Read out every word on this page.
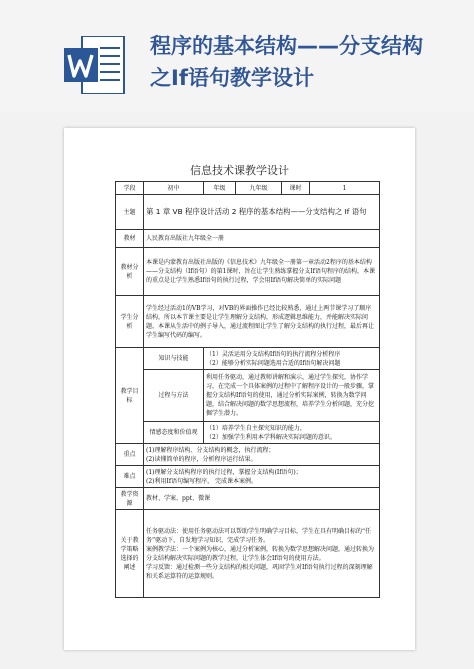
程序的基本结构——分支结构
之If语句教学设计
信息技术课教学设计
学段	初中	年级	九年级	课时	1
主题	第 1 章 VB 程序设计活动 2 程序的基本结构——分支结构之 If 语句				
教材	人民教育出版社九年级全一册				
教材分析	本课是内蒙教育出版社出版的《信息技术》九年级全一册第一章活动2程序的基本结构——分支结构（If语句）的第1课时，旨在让学生熟练掌握分支If语句程序的结构，本课的重点是让学生熟悉If语句的执行过程，学会用If语句解决简单的实际问题				
学生分析	学生经过活动1的VB学习，对VB的界面操作已经比较熟悉，通过上两节课学习了顺序结构，所以本节课主要是让学生理解分支结构，形成逻辑思维能力，并能解决实际问题。本课从生活中的例子导入，通过流程图让学生了解分支结构的执行过程，最后再让学生编写代码的编写。				
教学目标	知识与技能	（1）灵活运用分支结构If语句的执行流程分析程序
（2）能够分析实际问题选用合适的If语句解决问题			
	过程与方法	利用任务驱动，通过教师讲解和演示，通过学生探究，协作学习，在完成一个具体案例的过程中了解程序设计的一般步骤，掌握分支结构If语句的使用，通过分析实际案例，转换为数学问题，结合解决问题的数学思想流程，培养学生分析问题，充分挖掘学生潜力。			
	情感态度和价值观	（1）培养学生自主探究知识的能力，
（2）加强学生利用本学科解决实际问题的意识。			
重点	(1)理解程序结构、分支结构的概念，执行流程；
(2)读懂简单的程序，分析程序运行结果。				
难点	(1)理解分支结构程序的执行过程，掌握分支结构(If语句)；
(2)利用If语句编写程序， 完成课本案例。				
教学资源	教材、学案、ppt、微课				
关于教学策略选择的阐述	任务驱动法：使用任务驱动法可以帮助学生明确学习目标，学生在具有明确目标的“任务”驱动下，自发地学习知识，完成学习任务。
案例教学法：一个案例为核心，通过分析案例，转换为数学思想解决问题，通过转换为分支结构解决实际问题的教学过程，让学生体会If语句的使用方法。
学习反馈：通过检测一些分支结构的相关问题，巩固学生对If语句执行过程的深刻理解和关系运算符的运算规则。				
